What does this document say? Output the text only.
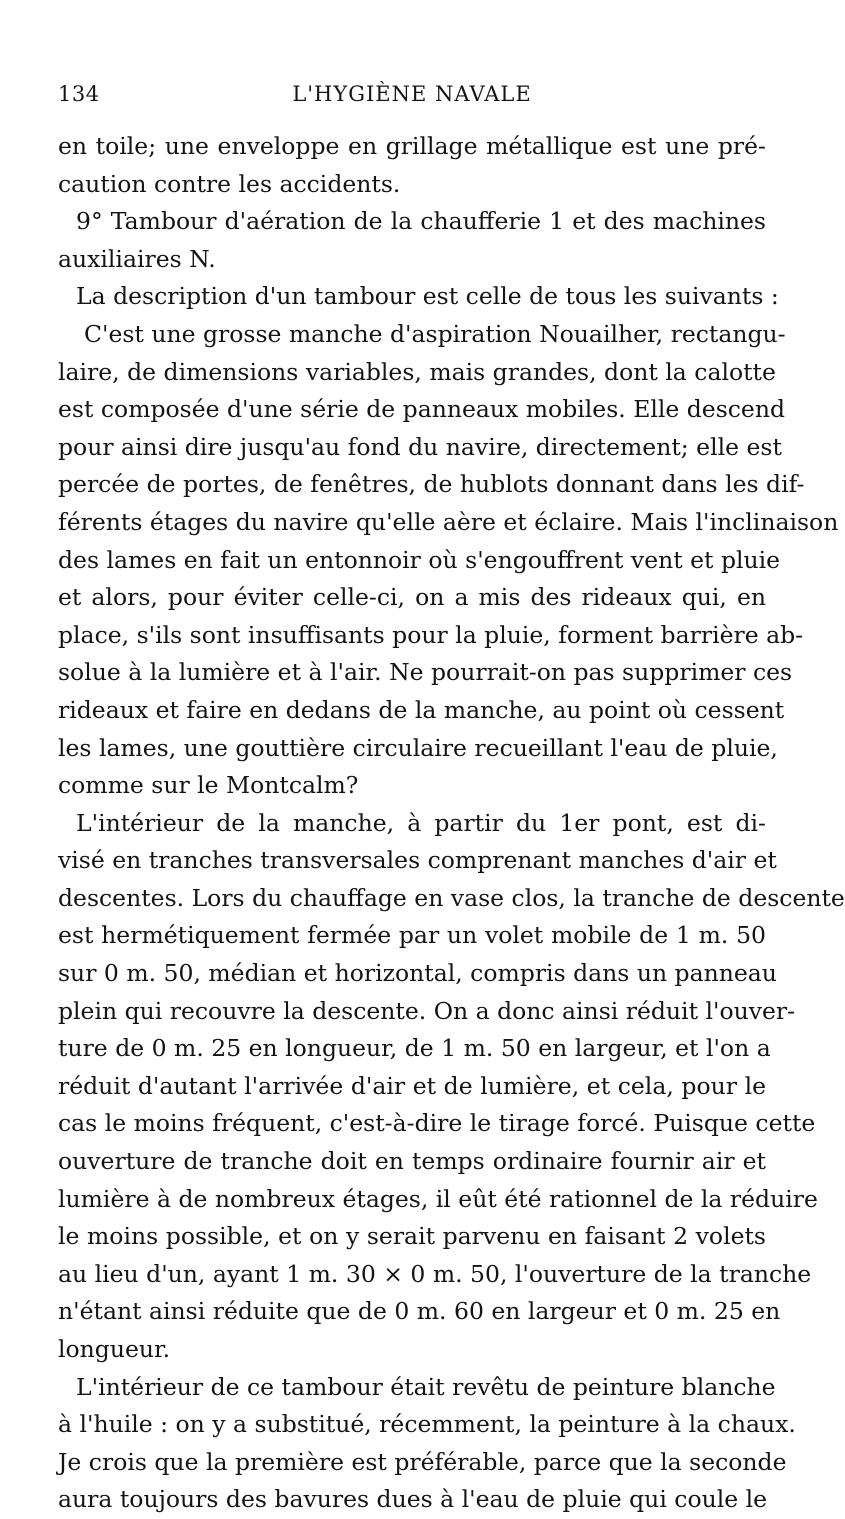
134	L'HYGIÈNE NAVALE
en toile; une enveloppe en grillage métallique est une pré-
caution contre les accidents.
9° Tambour d'aération de la chaufferie 1 et des machines
auxiliaires N.
La description d'un tambour est celle de tous les suivants :
C'est une grosse manche d'aspiration Nouailher, rectangu-
laire, de dimensions variables, mais grandes, dont la calotte
est composée d'une série de panneaux mobiles. Elle descend
pour ainsi dire jusqu'au fond du navire, directement; elle est
percée de portes, de fenêtres, de hublots donnant dans les dif-
férents étages du navire qu'elle aère et éclaire. Mais l'inclinaison
des lames en fait un entonnoir où s'engouffrent vent et pluie
et alors, pour éviter celle-ci, on a mis des rideaux qui, en
place, s'ils sont insuffisants pour la pluie, forment barrière ab-
solue à la lumière et à l'air. Ne pourrait-on pas supprimer ces
rideaux et faire en dedans de la manche, au point où cessent
les lames, une gouttière circulaire recueillant l'eau de pluie,
comme sur le Montcalm?
L'intérieur de la manche, à partir du 1er pont, est di-
visé en tranches transversales comprenant manches d'air et
descentes. Lors du chauffage en vase clos, la tranche de descente
est hermétiquement fermée par un volet mobile de 1 m. 50
sur 0 m. 50, médian et horizontal, compris dans un panneau
plein qui recouvre la descente. On a donc ainsi réduit l'ouver-
ture de 0 m. 25 en longueur, de 1 m. 50 en largeur, et l'on a
réduit d'autant l'arrivée d'air et de lumière, et cela, pour le
cas le moins fréquent, c'est-à-dire le tirage forcé. Puisque cette
ouverture de tranche doit en temps ordinaire fournir air et
lumière à de nombreux étages, il eût été rationnel de la réduire
le moins possible, et on y serait parvenu en faisant 2 volets
au lieu d'un, ayant 1 m. 30 × 0 m. 50, l'ouverture de la tranche
n'étant ainsi réduite que de 0 m. 60 en largeur et 0 m. 25 en
longueur.
L'intérieur de ce tambour était revêtu de peinture blanche
à l'huile : on y a substitué, récemment, la peinture à la chaux.
Je crois que la première est préférable, parce que la seconde
aura toujours des bavures dues à l'eau de pluie qui coule le
